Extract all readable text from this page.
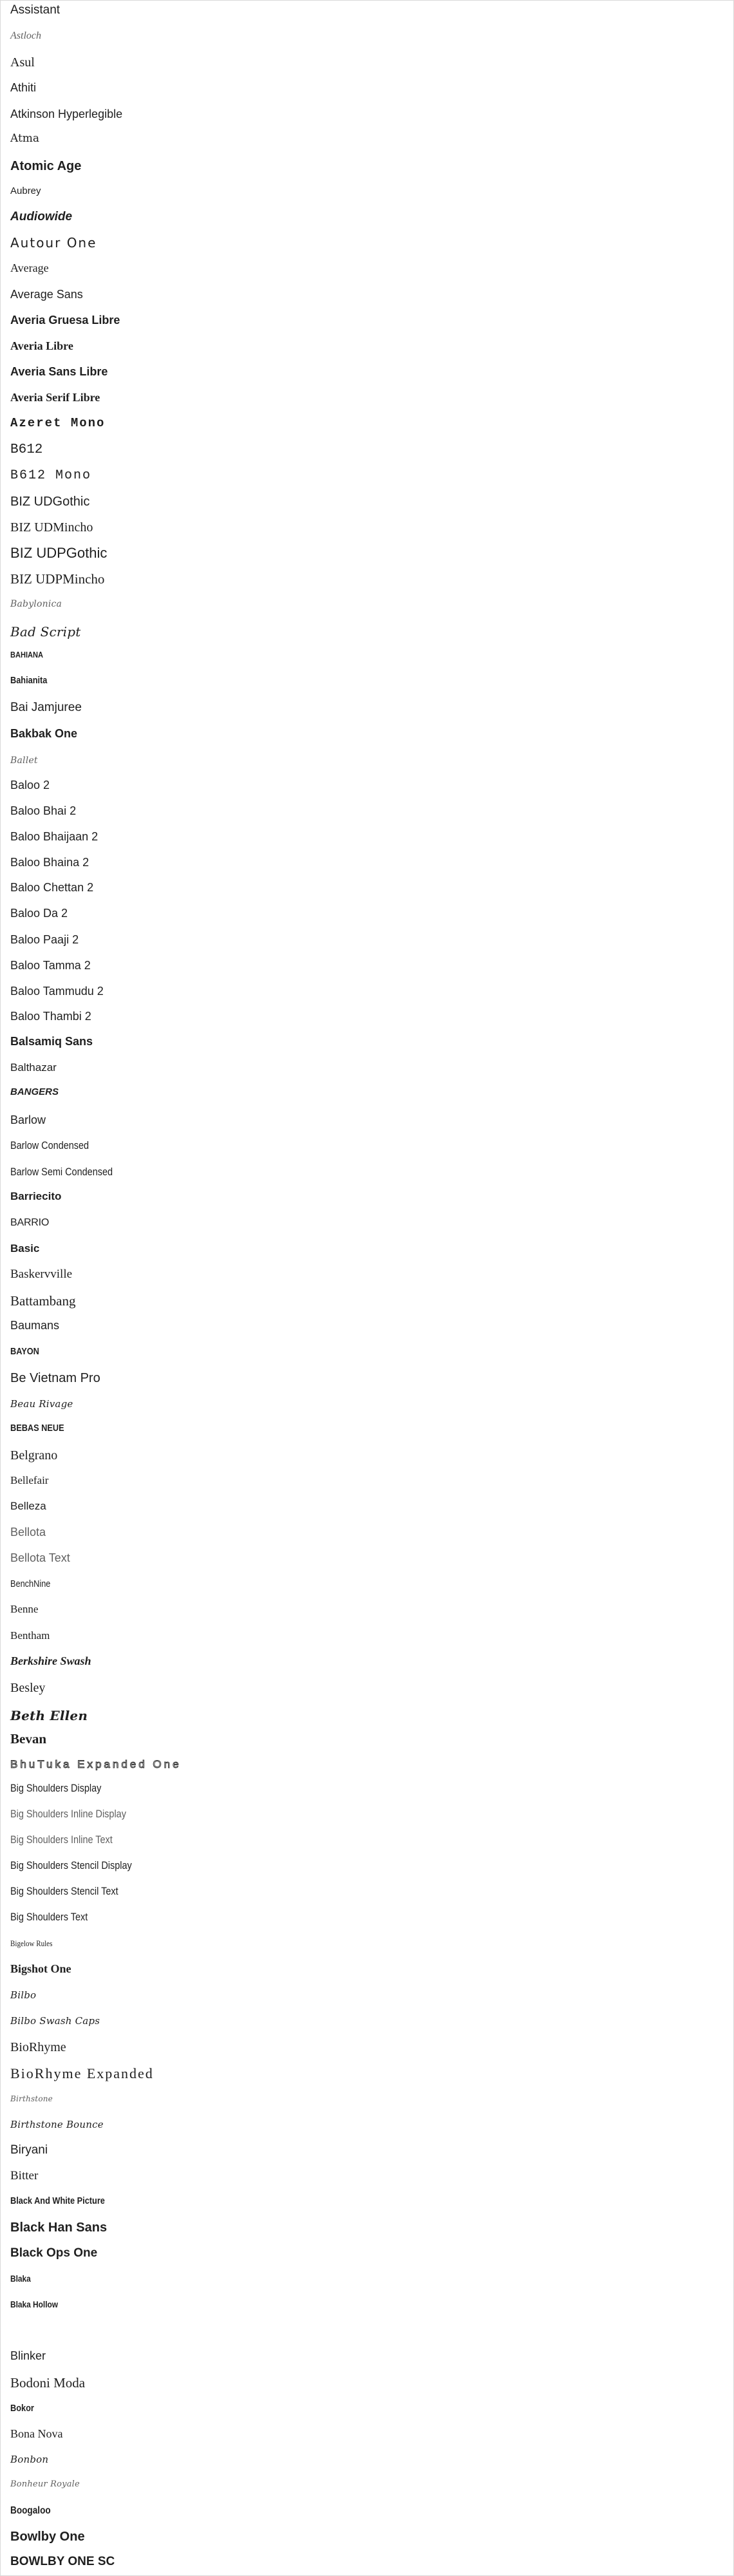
Assistant
Astloch
Asul
Athiti
Atkinson Hyperlegible
Atma
Atomic Age
Aubrey
Audiowide
Autour One
Average
Average Sans
Averia Gruesa Libre
Averia Libre
Averia Sans Libre
Averia Serif Libre
Azeret Mono
B612
B612 Mono
BIZ UDGothic
BIZ UDMincho
BIZ UDPGothic
BIZ UDPMincho
Babylonica
Bad Script
BAHIANA
Bahianita
Bai Jamjuree
Bakbak One
Ballet
Baloo 2
Baloo Bhai 2
Baloo Bhaijaan 2
Baloo Bhaina 2
Baloo Chettan 2
Baloo Da 2
Baloo Paaji 2
Baloo Tamma 2
Baloo Tammudu 2
Baloo Thambi 2
Balsamiq Sans
Balthazar
BANGERS
Barlow
Barlow Condensed
Barlow Semi Condensed
Barriecito
BARRIO
Basic
Baskervville
Battambang
Baumans
BAYON
Be Vietnam Pro
Beau Rivage
BEBAS NEUE
Belgrano
Bellefair
Belleza
Bellota
Bellota Text
BenchNine
Benne
Bentham
Berkshire Swash
Besley
Beth Ellen
Bevan
BhuTuka Expanded One
Big Shoulders Display
Big Shoulders Inline Display
Big Shoulders Inline Text
Big Shoulders Stencil Display
Big Shoulders Stencil Text
Big Shoulders Text
Bigelow Rules
Bigshot One
Bilbo
Bilbo Swash Caps
BioRhyme
BioRhyme Expanded
Birthstone
Birthstone Bounce
Biryani
Bitter
Black And White Picture
Black Han Sans
Black Ops One
Blaka
Blaka Hollow
Blaka Ink
Blinker
Bodoni Moda
Bokor
Bona Nova
Bonbon
Bonheur Royale
Boogaloo
Bowlby One
BOWLBY ONE SC
